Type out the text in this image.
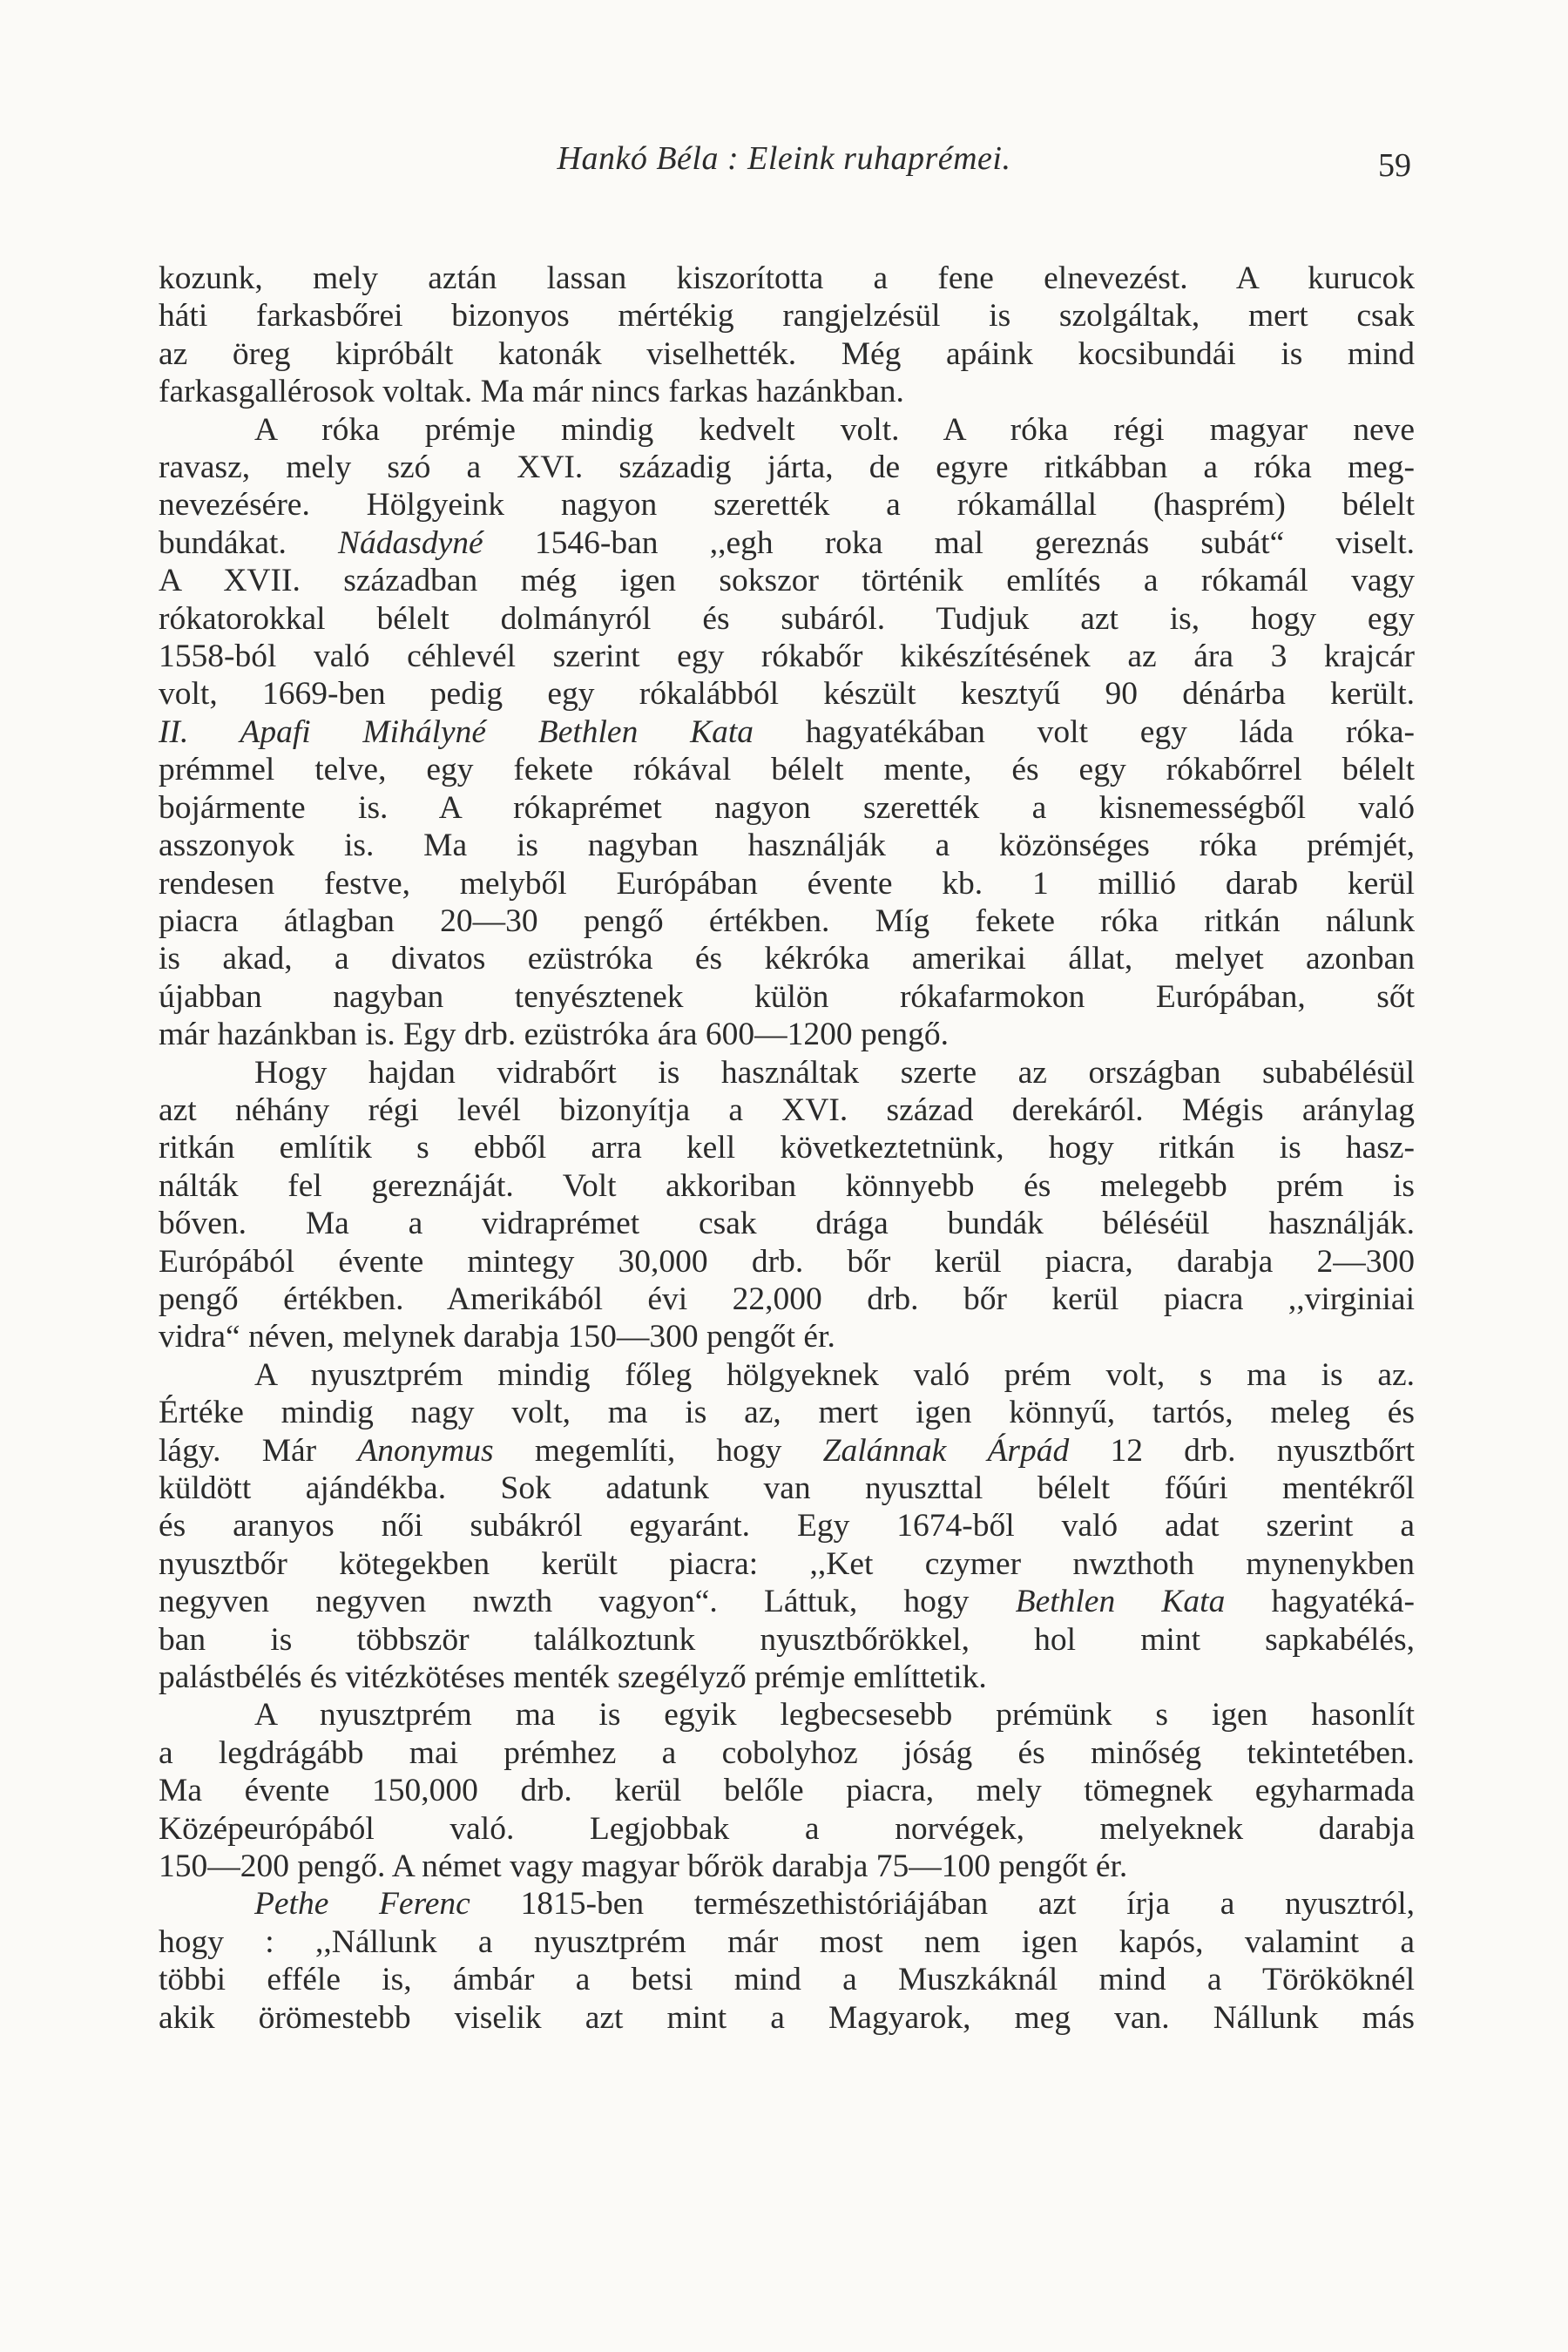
Hankó Béla : Eleink ruhaprémei.	59
kozunk, mely aztán lassan kiszorította a fene elnevezést. A kurucok
háti farkasbőrei bizonyos mértékig rangjelzésül is szolgáltak, mert csak
az öreg kipróbált katonák viselhették. Még apáink kocsibundái is mind
farkasgallérosok voltak. Ma már nincs farkas hazánkban.
A róka prémje mindig kedvelt volt. A róka régi magyar neve
ravasz, mely szó a XVI. századig járta, de egyre ritkábban a róka meg-
nevezésére. Hölgyeink nagyon szerették a rókamállal (hasprém) bélelt
bundákat. Nádasdyné 1546-ban ,,egh roka mal gereznás subát“ viselt.
A XVII. században még igen sokszor történik említés a rókamál vagy
rókatorokkal bélelt dolmányról és subáról. Tudjuk azt is, hogy egy
1558-ból való céhlevél szerint egy rókabőr kikészítésének az ára 3 krajcár
volt, 1669-ben pedig egy rókalábból készült kesztyű 90 dénárba került.
II. Apafi Mihályné Bethlen Kata hagyatékában volt egy láda róka-
prémmel telve, egy fekete rókával bélelt mente, és egy rókabőrrel bélelt
bojármente is. A rókaprémet nagyon szerették a kisnemességből való
asszonyok is. Ma is nagyban használják a közönséges róka prémjét,
rendesen festve, melyből Európában évente kb. 1 millió darab kerül
piacra átlagban 20—30 pengő értékben. Míg fekete róka ritkán nálunk
is akad, a divatos ezüstróka és kékróka amerikai állat, melyet azonban
újabban nagyban tenyésztenek külön rókafarmokon Európában, sőt
már hazánkban is. Egy drb. ezüstróka ára 600—1200 pengő.
Hogy hajdan vidrabőrt is használtak szerte az országban subabélésül
azt néhány régi levél bizonyítja a XVI. század derekáról. Mégis aránylag
ritkán említik s ebből arra kell következtetnünk, hogy ritkán is hasz-
nálták fel gereznáját. Volt akkoriban könnyebb és melegebb prém is
bőven. Ma a vidraprémet csak drága bundák béléséül használják.
Európából évente mintegy 30,000 drb. bőr kerül piacra, darabja 2—300
pengő értékben. Amerikából évi 22,000 drb. bőr kerül piacra ,,virginiai
vidra“ néven, melynek darabja 150—300 pengőt ér.
A nyusztprém mindig főleg hölgyeknek való prém volt, s ma is az.
Értéke mindig nagy volt, ma is az, mert igen könnyű, tartós, meleg és
lágy. Már Anonymus megemlíti, hogy Zalánnak Árpád 12 drb. nyusztbőrt
küldött ajándékba. Sok adatunk van nyuszttal bélelt főúri mentékről
és aranyos női subákról egyaránt. Egy 1674-ből való adat szerint a
nyusztbőr kötegekben került piacra: ,,Ket czymer nwzthoth mynenykben
negyven negyven nwzth vagyon“. Láttuk, hogy Bethlen Kata hagyatéká-
ban is többször találkoztunk nyusztbőrökkel, hol mint sapkabélés,
palástbélés és vitézkötéses menték szegélyző prémje említtetik.
A nyusztprém ma is egyik legbecsesebb prémünk s igen hasonlít
a legdrágább mai prémhez a cobolyhoz jóság és minőség tekintetében.
Ma évente 150,000 drb. kerül belőle piacra, mely tömegnek egyharmada
Középeurópából való. Legjobbak a norvégek, melyeknek darabja
150—200 pengő. A német vagy magyar bőrök darabja 75—100 pengőt ér.
Pethe Ferenc 1815-ben természethistóriájában azt írja a nyusztról,
hogy : ,,Nállunk a nyusztprém már most nem igen kapós, valamint a
többi efféle is, ámbár a betsi mind a Muszkáknál mind a Törököknél
akik örömestebb viselik azt mint a Magyarok, meg van. Nállunk más
